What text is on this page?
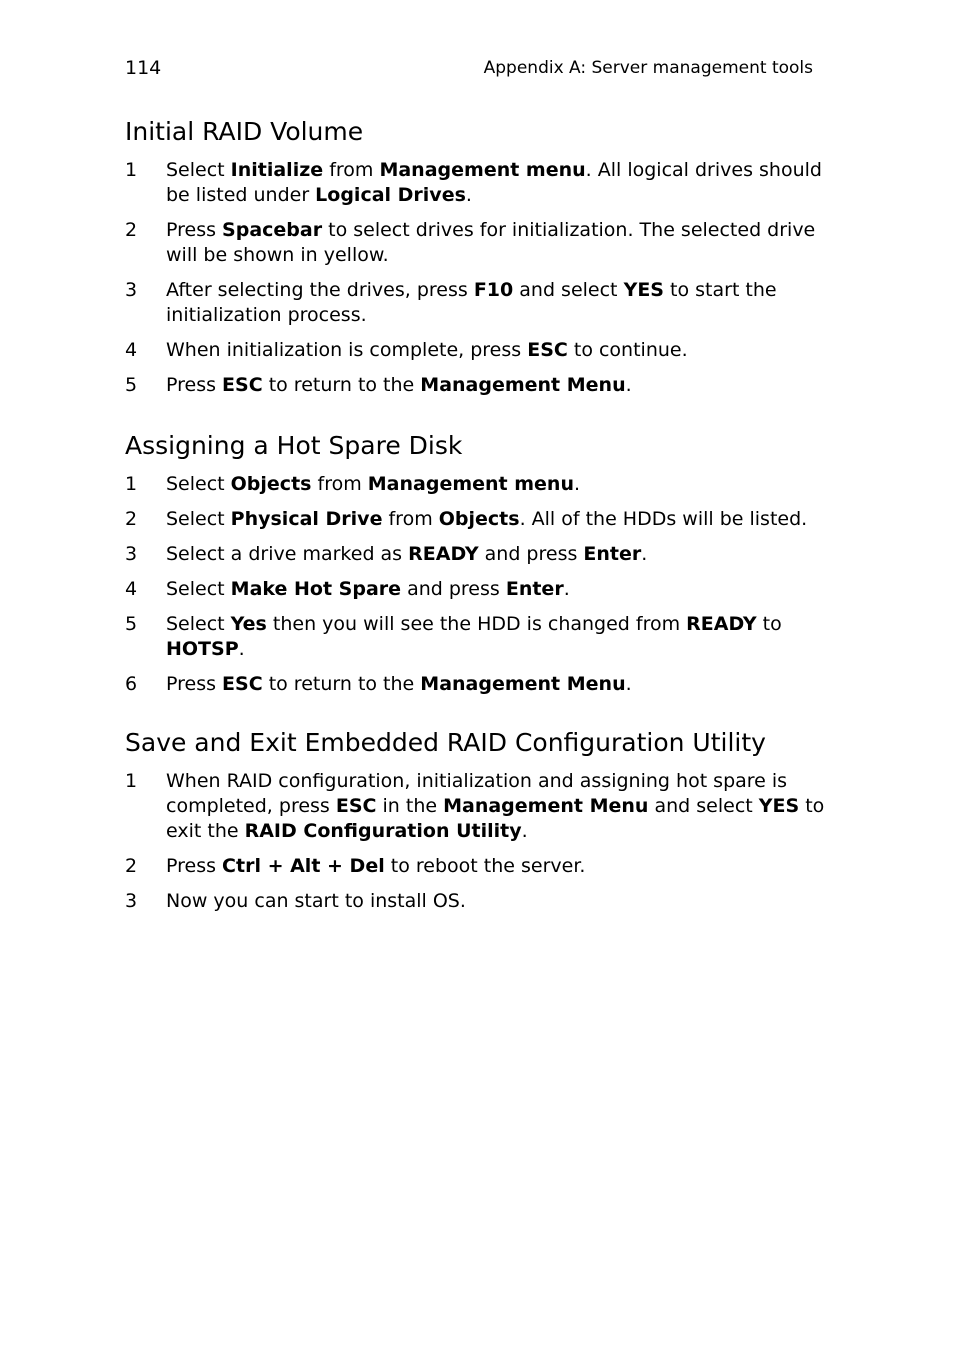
114	Appendix A: Server management tools
Initial RAID Volume
1 Select Initialize from Management menu. All logical drives should be listed under Logical Drives.
2 Press Spacebar to select drives for initialization. The selected drive will be shown in yellow.
3 After selecting the drives, press F10 and select YES to start the initialization process.
4 When initialization is complete, press ESC to continue.
5 Press ESC to return to the Management Menu.
Assigning a Hot Spare Disk
1 Select Objects from Management menu.
2 Select Physical Drive from Objects. All of the HDDs will be listed.
3 Select a drive marked as READY and press Enter.
4 Select Make Hot Spare and press Enter.
5 Select Yes then you will see the HDD is changed from READY to HOTSP.
6 Press ESC to return to the Management Menu.
Save and Exit Embedded RAID Configuration Utility
1 When RAID configuration, initialization and assigning hot spare is completed, press ESC in the Management Menu and select YES to exit the RAID Configuration Utility.
2 Press Ctrl + Alt + Del to reboot the server.
3 Now you can start to install OS.
